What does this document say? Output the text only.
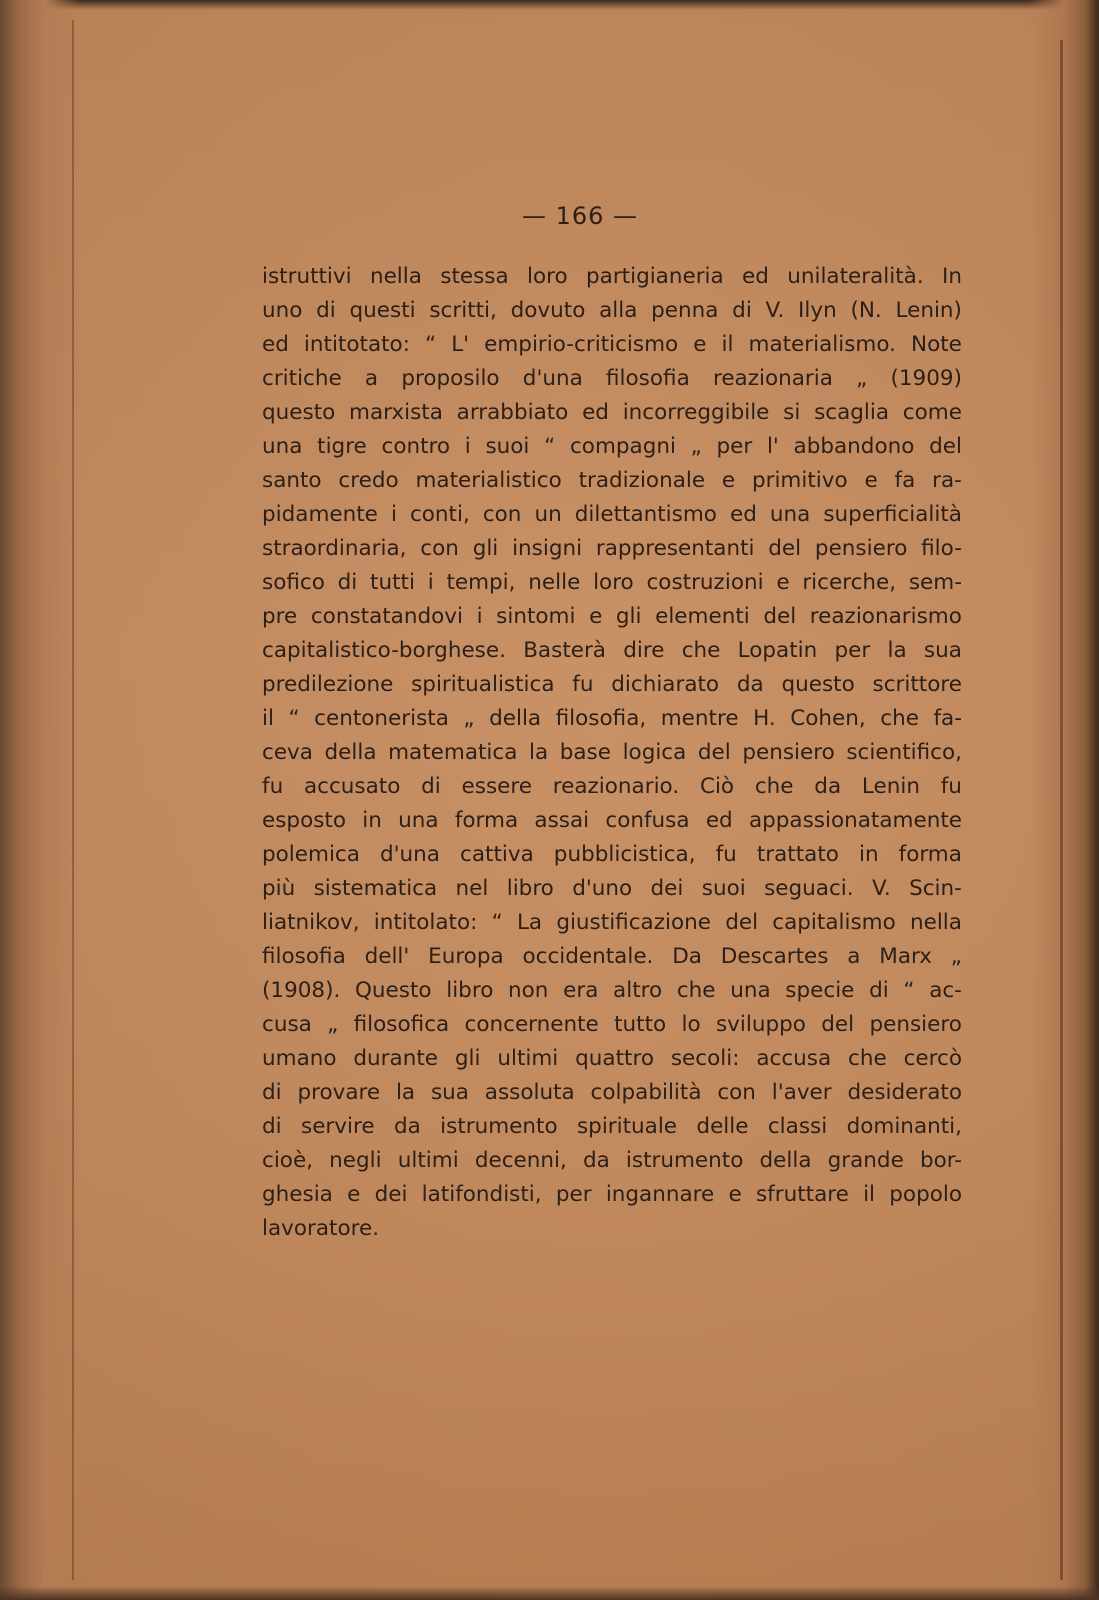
— 166 —
istruttivi nella stessa loro partigianeria ed unilateralità. In
uno di questi scritti, dovuto alla penna di V. Ilyn (N. Lenin)
ed intitotato: “ L' empirio-criticismo e il materialismo. Note
critiche a proposilo d'una filosofia reazionaria „ (1909)
questo marxista arrabbiato ed incorreggibile si scaglia come
una tigre contro i suoi “ compagni „ per l' abbandono del
santo credo materialistico tradizionale e primitivo e fa ra-
pidamente i conti, con un dilettantismo ed una superficialità
straordinaria, con gli insigni rappresentanti del pensiero filo-
sofico di tutti i tempi, nelle loro costruzioni e ricerche, sem-
pre constatandovi i sintomi e gli elementi del reazionarismo
capitalistico-borghese. Basterà dire che Lopatin per la sua
predilezione spiritualistica fu dichiarato da questo scrittore
il “ centonerista „ della filosofia, mentre H. Cohen, che fa-
ceva della matematica la base logica del pensiero scientifico,
fu accusato di essere reazionario. Ciò che da Lenin fu
esposto in una forma assai confusa ed appassionatamente
polemica d'una cattiva pubblicistica, fu trattato in forma
più sistematica nel libro d'uno dei suoi seguaci. V. Scin-
liatnikov, intitolato: “ La giustificazione del capitalismo nella
filosofia dell' Europa occidentale. Da Descartes a Marx „
(1908). Questo libro non era altro che una specie di “ ac-
cusa „ filosofica concernente tutto lo sviluppo del pensiero
umano durante gli ultimi quattro secoli: accusa che cercò
di provare la sua assoluta colpabilità con l'aver desiderato
di servire da istrumento spirituale delle classi dominanti,
cioè, negli ultimi decenni, da istrumento della grande bor-
ghesia e dei latifondisti, per ingannare e sfruttare il popolo
lavoratore.
